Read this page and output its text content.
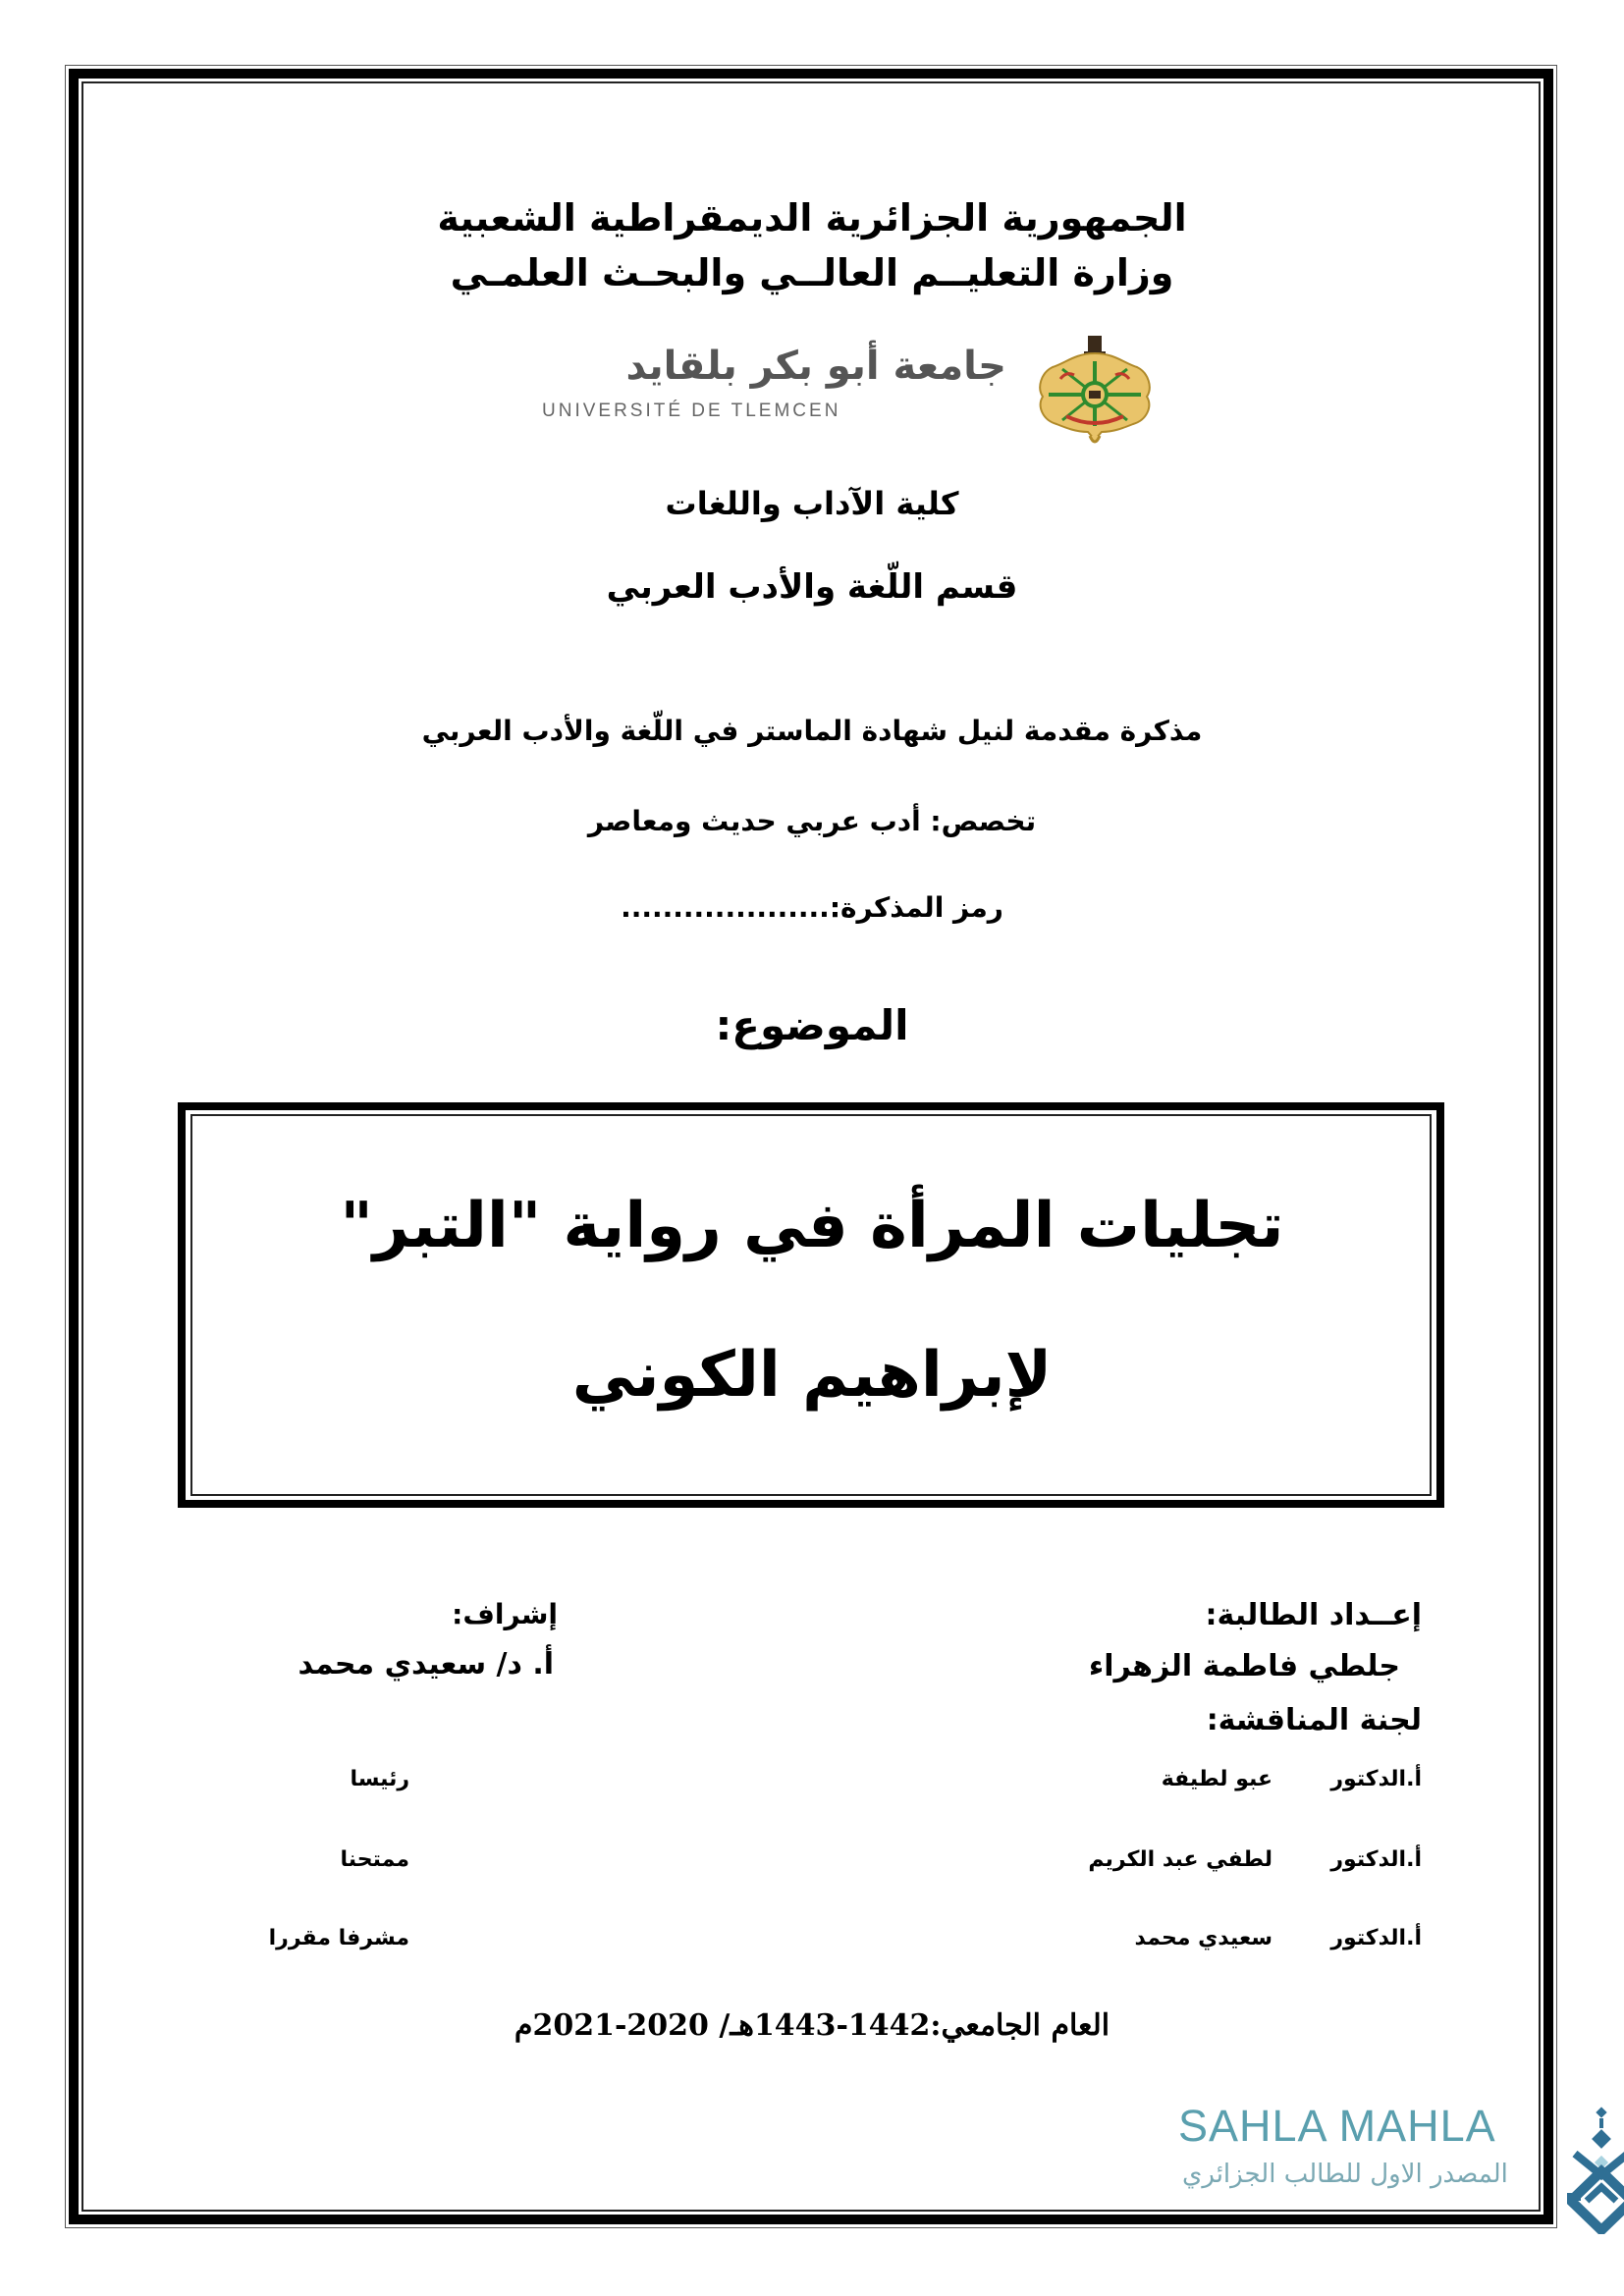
الجمهورية الجزائرية الديمقراطية الشعبية
وزارة التعليــم العالــي والبحـث العلمـي
جامعة أبو بكر بلقايد
UNIVERSITÉ DE TLEMCEN
كلية الآداب واللغات
قسم اللّغة والأدب العربي
مذكرة مقدمة لنيل شهادة الماستر في اللّغة والأدب العربي
تخصص: أدب عربي حديث ومعاصر
رمز المذكرة:....................
الموضوع:
تجليات المرأة في رواية "التبر"
لإبراهيم الكوني
إعــداد الطالبة:
جلطي فاطمة الزهراء
لجنة المناقشة:
إشراف:
أ. د/ سعيدي محمد
أ.الدكتور
عبو لطيفة
رئيسا
أ.الدكتور
لطفي عبد الكريم
ممتحنا
أ.الدكتور
سعيدي محمد
مشرفا مقررا
العام الجامعي:1442-1443هـ/ 2020-2021م
SAHLA MAHLA
المصدر الاول للطالب الجزائري
